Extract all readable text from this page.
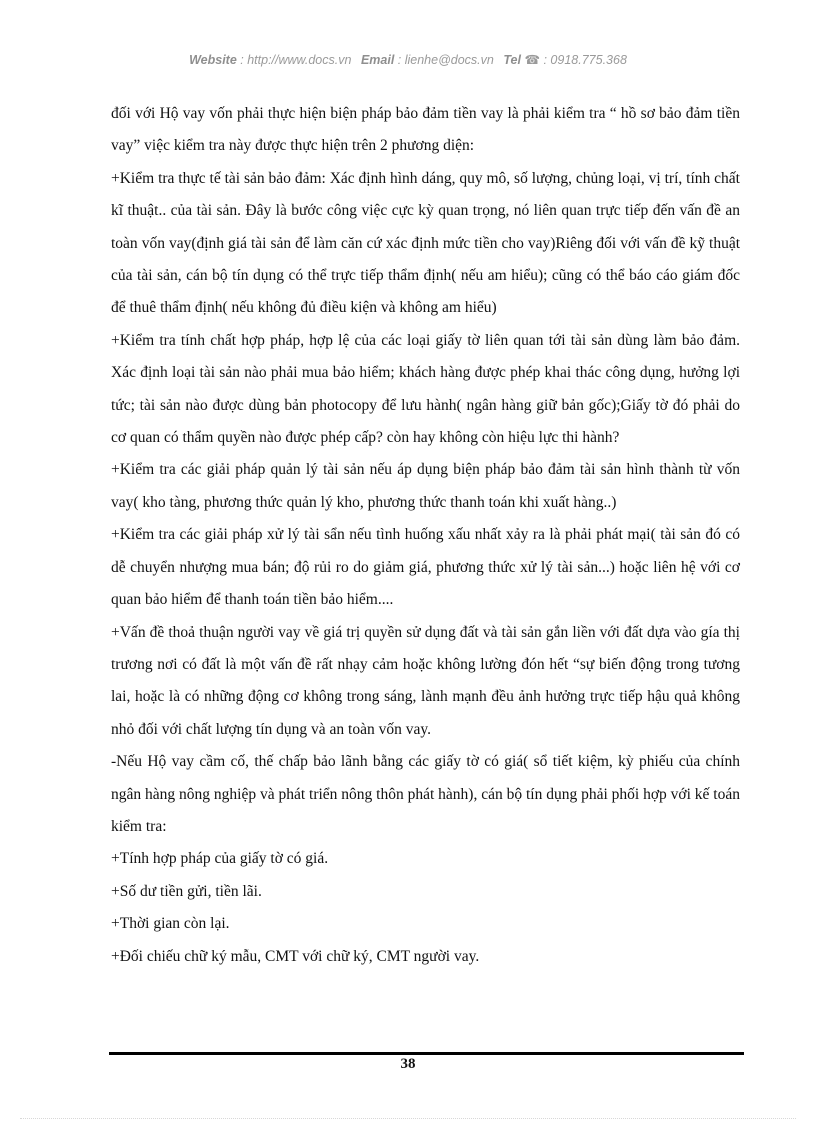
Website : http://www.docs.vn Email : lienhe@docs.vn Tel ☎ : 0918.775.368

đối với Hộ vay vốn phải thực hiện biện pháp bảo đảm tiền vay là phải kiểm tra “ hồ sơ bảo đảm tiền vay” việc kiểm tra này được thực hiện trên 2 phương diện:

+Kiểm tra thực tế tài sản bảo đảm: Xác định hình dáng, quy mô, số lượng, chủng loại, vị trí, tính chất kĩ thuật.. của tài sản. Đây là bước công việc cực kỳ quan trọng, nó liên quan trực tiếp đến vấn đề an toàn vốn vay(định giá tài sản để làm căn cứ xác định mức tiền cho vay)Riêng đối với vấn đề kỹ thuật của tài sản, cán bộ tín dụng có thể trực tiếp thẩm định( nếu am hiểu); cũng có thể báo cáo giám đốc để thuê thẩm định( nếu không đủ điều kiện và không am hiểu)

+Kiểm tra tính chất hợp pháp, hợp lệ của các loại giấy tờ liên quan tới tài sản dùng làm bảo đảm. Xác định loại tài sản nào phải mua bảo hiểm; khách hàng được phép khai thác công dụng, hưởng lợi tức; tài sản nào được dùng bản photocopy để lưu hành( ngân hàng giữ bản gốc);Giấy tờ đó phải do cơ quan có thẩm quyền nào được phép cấp? còn hay không còn hiệu lực thi hành?

+Kiểm tra các giải pháp quản lý tài sản nếu áp dụng biện pháp bảo đảm tài sản hình thành từ vốn vay( kho tàng, phương thức quản lý kho, phương thức thanh toán khi xuất hàng..)

+Kiểm tra các giải pháp xử lý tài sẩn nếu tình huống xấu nhất xảy ra là phải phát mại( tài sản đó có dễ chuyển nhượng mua bán; độ rủi ro do giảm giá, phương thức xử lý tài sản...) hoặc liên hệ với cơ quan bảo hiểm để thanh toán tiền bảo hiểm....

+Vấn đề thoả thuận người vay về giá trị quyền sử dụng đất và tài sản gắn liền với đất dựa vào gía thị trương nơi có đất là một vấn đề rất nhạy cảm hoặc không lường đón hết “sự biến động trong tương lai, hoặc là có những động cơ không trong sáng, lành mạnh đều ảnh hưởng trực tiếp hậu quả không nhỏ đối với chất lượng tín dụng và an toàn vốn vay.

-Nếu Hộ vay cầm cố, thế chấp bảo lãnh bằng các giấy tờ có giá( sổ tiết kiệm, kỳ phiếu của chính ngân hàng nông nghiệp và phát triển nông thôn phát hành), cán bộ tín dụng phải phối hợp với kế toán kiểm tra:

+Tính hợp pháp của giấy tờ có giá.

+Số dư tiền gửi, tiền lãi.

+Thời gian còn lại.

+Đối chiếu chữ ký mẫu, CMT với chữ ký, CMT người vay.

38
